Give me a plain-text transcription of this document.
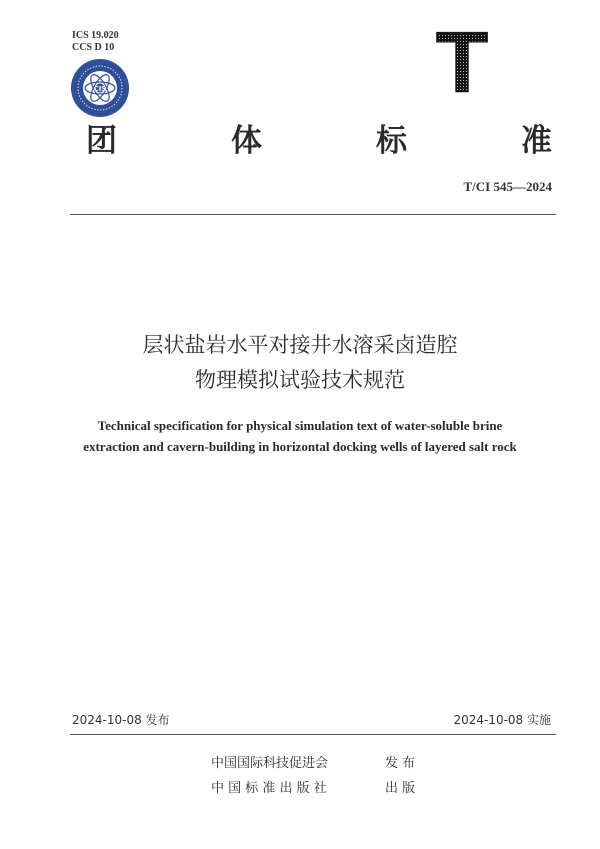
ICS 19.020
CCS D 10
CIS	T
团	体	标	准
T/CI 545—2024
层状盐岩水平对接井水溶采卤造腔
物理模拟试验技术规范
Technical specification for physical simulation text of water-soluble brine
extraction and cavern-building in horizontal docking wells of layered salt rock
2024-10-08 发布	2024-10-08 实施
中国国际科技促进会	发 布
中 国 标 准 出 版 社	出 版
